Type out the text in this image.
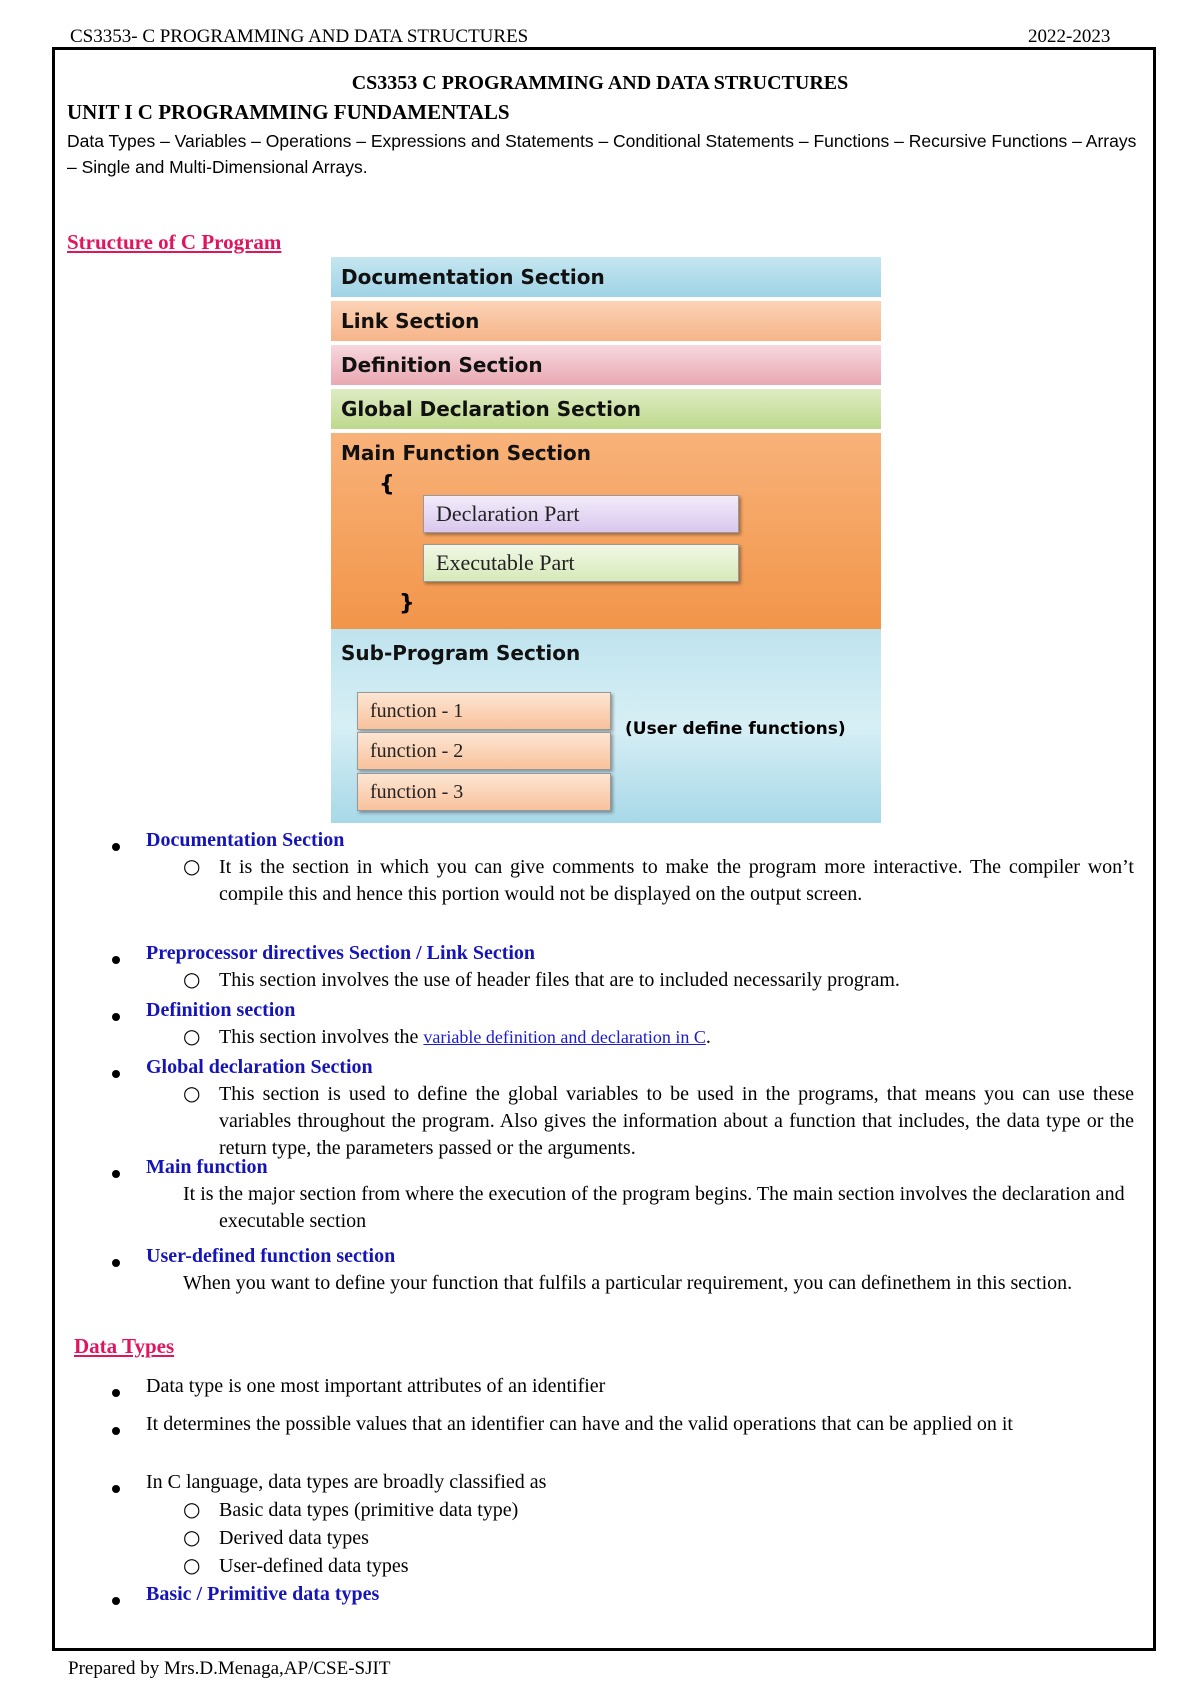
CS3353- C PROGRAMMING AND DATA STRUCTURES	2022-2023
CS3353 C PROGRAMMING AND DATA STRUCTURES
UNIT I C PROGRAMMING FUNDAMENTALS
Data Types – Variables – Operations – Expressions and Statements – Conditional Statements – Functions – Recursive Functions – Arrays – Single and Multi-Dimensional Arrays.
Structure of C Program
Documentation Section
Link Section
Definition Section
Global Declaration Section
Main Function Section
{
Declaration Part
Executable Part
}
Sub-Program Section
function - 1
function - 2
function - 3
(User define functions)
Documentation Section
○ It is the section in which you can give comments to make the program more interactive. The compiler won’t compile this and hence this portion would not be displayed on the output screen.
Preprocessor directives Section / Link Section
○ This section involves the use of header files that are to included necessarily program.
Definition section
○ This section involves the variable definition and declaration in C.
Global declaration Section
○ This section is used to define the global variables to be used in the programs, that means you can use these variables throughout the program. Also gives the information about a function that includes, the data type or the return type, the parameters passed or the arguments.
Main function
It is the major section from where the execution of the program begins. The main section involves the declaration and executable section
User-defined function section
When you want to define your function that fulfils a particular requirement, you can definethem in this section.
Data Types
Data type is one most important attributes of an identifier
It determines the possible values that an identifier can have and the valid operations that can be applied on it
In C language, data types are broadly classified as
○ Basic data types (primitive data type)
○ Derived data types
○ User-defined data types
Basic / Primitive data types
Prepared by Mrs.D.Menaga,AP/CSE-SJIT
